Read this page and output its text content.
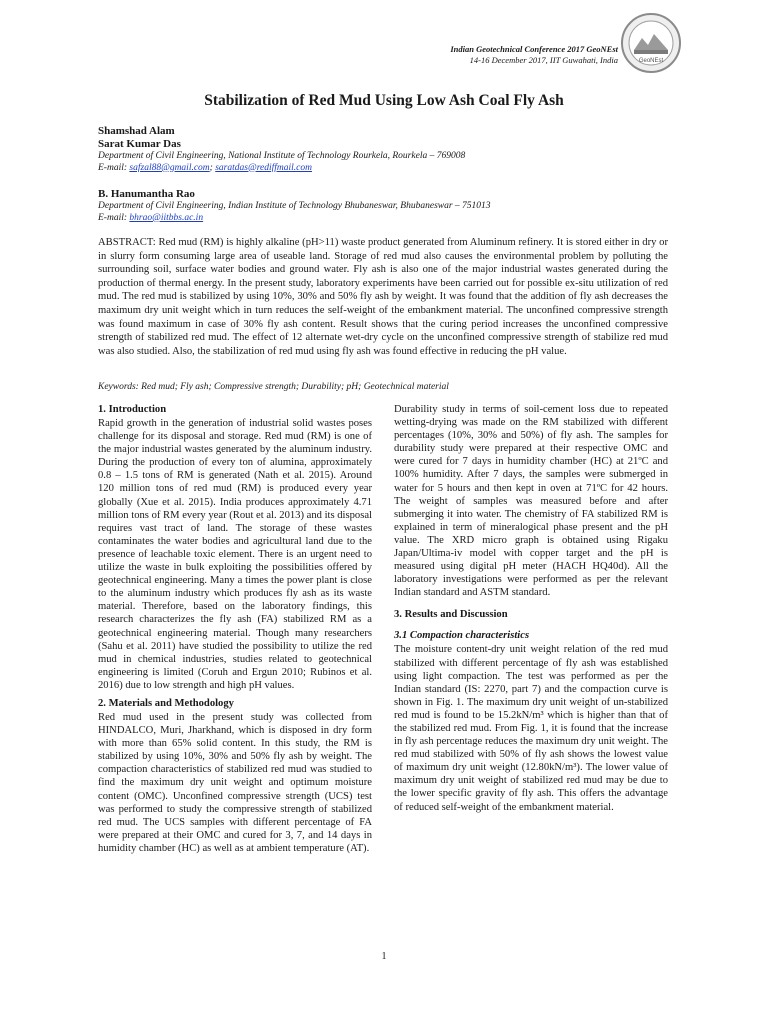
Indian Geotechnical Conference 2017 GeoNEst
14-16 December 2017, IIT Guwahati, India	GeoNEst
Stabilization of Red Mud Using Low Ash Coal Fly Ash
Shamshad Alam
Sarat Kumar Das
Department of Civil Engineering, National Institute of Technology Rourkela, Rourkela – 769008
E-mail: safzal88@gmail.com; saratdas@rediffmail.com
B. Hanumantha Rao
Department of Civil Engineering, Indian Institute of Technology Bhubaneswar, Bhubaneswar – 751013
E-mail: bhrao@iitbbs.ac.in
ABSTRACT: Red mud (RM) is highly alkaline (pH>11) waste product generated from Aluminum refinery. It is stored either in dry or in slurry form consuming large area of useable land. Storage of red mud also causes the environmental problem by polluting the surrounding soil, surface water bodies and ground water. Fly ash is also one of the major industrial wastes generated during the production of thermal energy. In the present study, laboratory experiments have been carried out for possible ex-situ utilization of red mud. The red mud is stabilized by using 10%, 30% and 50% fly ash by weight. It was found that the addition of fly ash decreases the maximum dry unit weight which in turn reduces the self-weight of the embankment material. The unconfined compressive strength was found maximum in case of 30% fly ash content. Result shows that the curing period increases the unconfined compressive strength of stabilized red mud. The effect of 12 alternate wet-dry cycle on the unconfined compressive strength of stabilize red mud was also studied. Also, the stabilization of red mud using fly ash was found effective in reducing the pH value.
Keywords: Red mud; Fly ash; Compressive strength; Durability; pH; Geotechnical material

1. Introduction

Rapid growth in the generation of industrial solid wastes poses challenge for its disposal and storage. Red mud (RM) is one of the major industrial wastes generated by the aluminum industry. During the production of every ton of alumina, approximately 0.8 – 1.5 tons of RM is generated (Nath et al. 2015). Around 120 million tons of red mud (RM) is produced every year globally (Xue et al. 2015). India produces approximately 4.71 million tons of RM every year (Rout et al. 2013) and its disposal requires vast tract of land. The storage of these wastes contaminates the water bodies and agricultural land due to the presence of leachable toxic element. There is an urgent need to utilize the waste in bulk exploiting the possibilities offered by geotechnical engineering. Many a times the power plant is close to the aluminum industry which produces fly ash as its waste material. Therefore, based on the laboratory findings, this research characterizes the fly ash (FA) stabilized RM as a geotechnical engineering material. Though many researchers (Sahu et al. 2011) have studied the possibility to utilize the red mud in chemical industries, studies related to geotechnical engineering is limited (Coruh and Ergun 2010; Rubinos et al. 2016) due to low strength and high pH values.

2. Materials and Methodology

Red mud used in the present study was collected from HINDALCO, Muri, Jharkhand, which is disposed in dry form with more than 65% solid content. In this study, the RM is stabilized by using 10%, 30% and 50% fly ash by weight. The compaction characteristics of stabilized red mud was studied to find the maximum dry unit weight and optimum moisture content (OMC). Unconfined compressive strength (UCS) test was performed to study the compressive strength of stabilized red mud. The UCS samples with different percentage of FA were prepared at their OMC and cured for 3, 7, and 14 days in humidity chamber (HC) as well as at ambient temperature (AT).

Durability study in terms of soil-cement loss due to repeated wetting-drying was made on the RM stabilized with different percentages (10%, 30% and 50%) of fly ash. The samples for durability study were prepared at their respective OMC and were cured for 7 days in humidity chamber (HC) at 21ºC and 100% humidity. After 7 days, the samples were submerged in water for 5 hours and then kept in oven at 71ºC for 42 hours. The weight of samples was measured before and after submerging it into water. The chemistry of FA stabilized RM is explained in term of mineralogical phase present and the pH value. The XRD micro graph is obtained using Rigaku Japan/Ultima-iv model with copper target and the pH is measured using digital pH meter (HACH HQ40d). All the laboratory investigations were performed as per the relevant Indian standard and ASTM standard.

3. Results and Discussion

3.1 Compaction characteristics

The moisture content-dry unit weight relation of the red mud stabilized with different percentage of fly ash was established using light compaction. The test was performed as per the Indian standard (IS: 2270, part 7) and the compaction curve is shown in Fig. 1. The maximum dry unit weight of un-stabilized red mud is found to be 15.2kN/m³ which is higher than that of the stabilized red mud. From Fig. 1, it is found that the increase in fly ash percentage reduces the maximum dry unit weight. The red mud stabilized with 50% of fly ash shows the lowest value of maximum dry unit weight (12.80kN/m³). The lower value of maximum dry unit weight of stabilized red mud may be due to the lower specific gravity of fly ash. This offers the advantage of reduced self-weight of the embankment material.

1
